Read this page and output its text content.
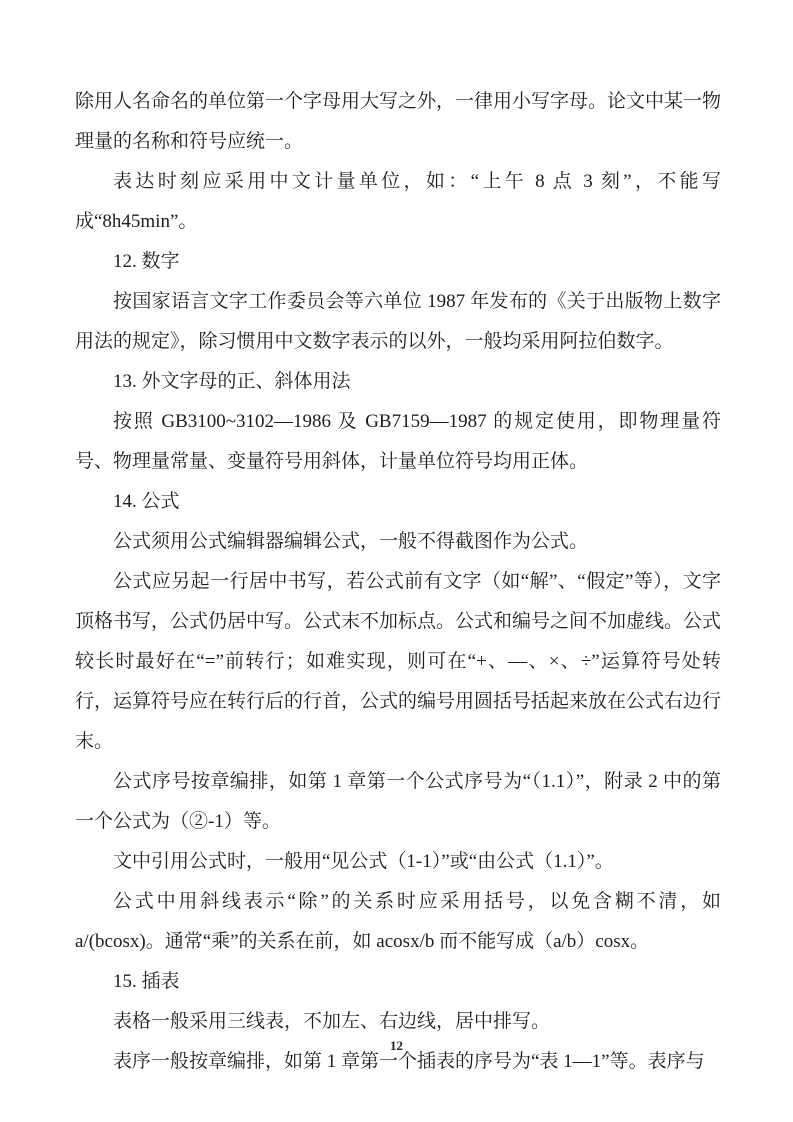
除用人名命名的单位第一个字母用大写之外，一律用小写字母。论文中某一物理量的名称和符号应统一。

表达时刻应采用中文计量单位，如：“上午 8 点 3 刻”，不能写成“8h45min”。

12. 数字

按国家语言文字工作委员会等六单位 1987 年发布的《关于出版物上数字用法的规定》，除习惯用中文数字表示的以外，一般均采用阿拉伯数字。

13. 外文字母的正、斜体用法

按照 GB3100~3102—1986 及 GB7159—1987 的规定使用，即物理量符号、物理量常量、变量符号用斜体，计量单位符号均用正体。

14. 公式

公式须用公式编辑器编辑公式，一般不得截图作为公式。

公式应另起一行居中书写，若公式前有文字（如“解”、“假定”等），文字顶格书写，公式仍居中写。公式末不加标点。公式和编号之间不加虚线。公式较长时最好在“=”前转行；如难实现，则可在“+、—、×、÷”运算符号处转行，运算符号应在转行后的行首，公式的编号用圆括号括起来放在公式右边行末。

公式序号按章编排，如第 1 章第一个公式序号为“（1.1）”，附录 2 中的第一个公式为（②-1）等。

文中引用公式时，一般用“见公式（1-1）”或“由公式（1.1）”。

公式中用斜线表示“除”的关系时应采用括号，以免含糊不清，如 a/(bcosx)。通常“乘”的关系在前，如 acosx/b 而不能写成（a/b）cosx。

15. 插表

表格一般采用三线表，不加左、右边线，居中排写。

表序一般按章编排，如第 1 章第一个插表的序号为“表 1—1”等。表序与

12
